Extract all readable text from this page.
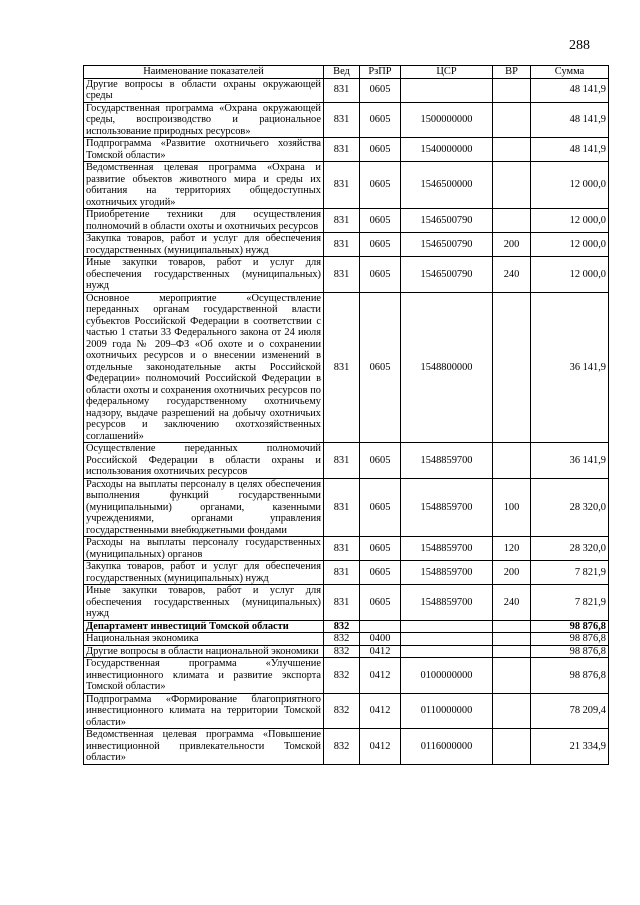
288
Наименование показателей	Вед	РзПР	ЦСР	ВР	Сумма
Другие вопросы в области охраны окружающей среды	831	0605			48 141,9
Государственная программа «Охрана окружающей среды, воспроизводство и рациональное использование природных ресурсов»	831	0605	1500000000		48 141,9
Подпрограмма «Развитие охотничьего хозяйства Томской области»	831	0605	1540000000		48 141,9
Ведомственная целевая программа «Охрана и развитие объектов животного мира и среды их обитания на территориях общедоступных охотничьих угодий»	831	0605	1546500000		12 000,0
Приобретение техники для осуществления полномочий в области охоты и охотничьих ресурсов	831	0605	1546500790		12 000,0
Закупка товаров, работ и услуг для обеспечения государственных (муниципальных) нужд	831	0605	1546500790	200	12 000,0
Иные закупки товаров, работ и услуг для обеспечения государственных (муниципальных) нужд	831	0605	1546500790	240	12 000,0
Основное мероприятие «Осуществление переданных органам государственной власти субъектов Российской Федерации в соответствии с частью 1 статьи 33 Федерального закона от 24 июля 2009 года № 209–ФЗ «Об охоте и о сохранении охотничьих ресурсов и о внесении изменений в отдельные законодательные акты Российской Федерации» полномочий Российской Федерации в области охоты и сохранения охотничьих ресурсов по федеральному государственному охотничьему надзору, выдаче разрешений на добычу охотничьих ресурсов и заключению охотхозяйственных соглашений»	831	0605	1548800000		36 141,9
Осуществление переданных полномочий Российской Федерации в области охраны и использования охотничьих ресурсов	831	0605	1548859700		36 141,9
Расходы на выплаты персоналу в целях обеспечения выполнения функций государственными (муниципальными) органами, казенными учреждениями, органами управления государственными внебюджетными фондами	831	0605	1548859700	100	28 320,0
Расходы на выплаты персоналу государственных (муниципальных) органов	831	0605	1548859700	120	28 320,0
Закупка товаров, работ и услуг для обеспечения государственных (муниципальных) нужд	831	0605	1548859700	200	7 821,9
Иные закупки товаров, работ и услуг для обеспечения государственных (муниципальных) нужд	831	0605	1548859700	240	7 821,9
Департамент инвестиций Томской области	832				98 876,8
Национальная экономика	832	0400			98 876,8
Другие вопросы в области национальной экономики	832	0412			98 876,8
Государственная программа «Улучшение инвестиционного климата и развитие экспорта Томской области»	832	0412	0100000000		98 876,8
Подпрограмма «Формирование благоприятного инвестиционного климата на территории Томской области»	832	0412	0110000000		78 209,4
Ведомственная целевая программа «Повышение инвестиционной привлекательности Томской области»	832	0412	0116000000		21 334,9
